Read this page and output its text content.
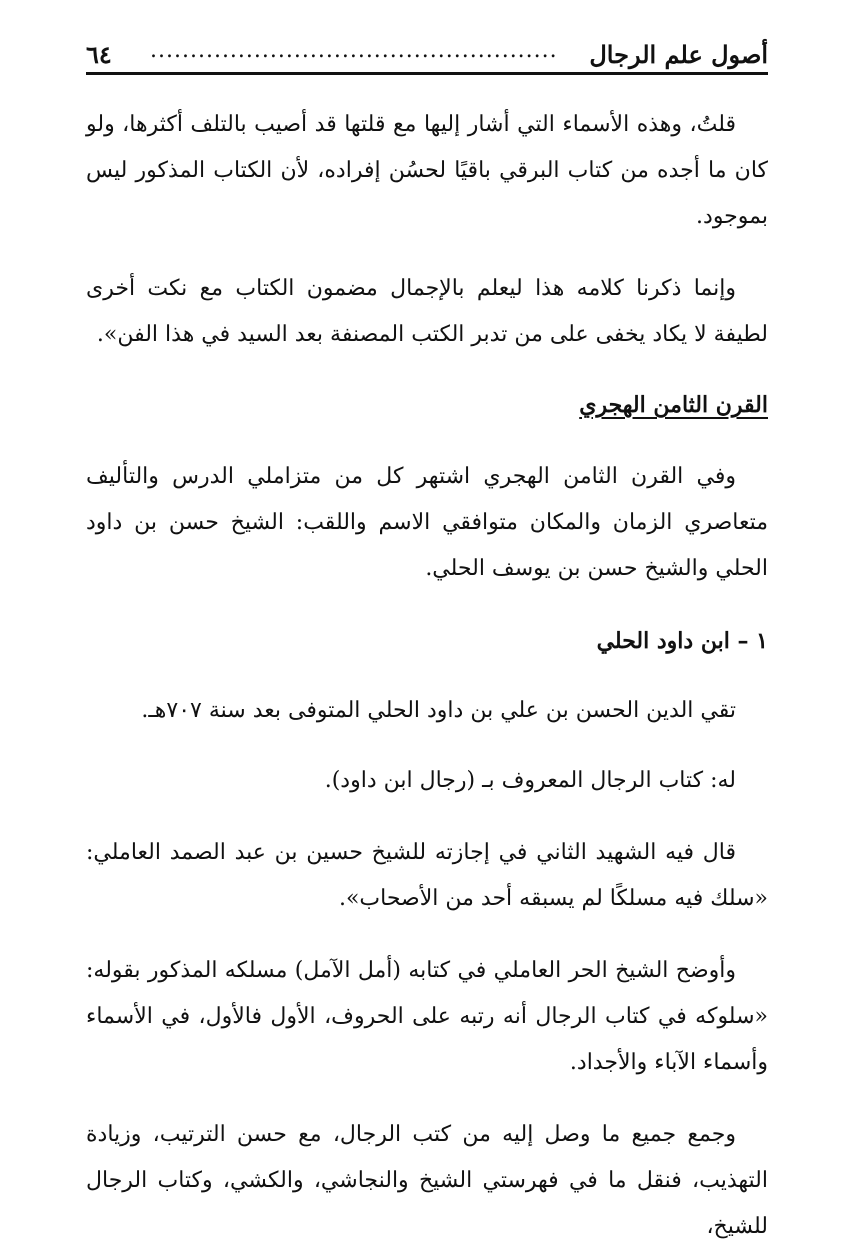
أصول علم الرجال
...................................................
٦٤

قلتُ، وهذه الأسماء التي أشار إليها مع قلتها قد أصيب بالتلف أكثرها، ولو كان ما أجده من كتاب البرقي باقيًا لحسُن إفراده، لأن الكتاب المذكور ليس بموجود.

وإنما ذكرنا كلامه هذا ليعلم بالإجمال مضمون الكتاب مع نكت أخرى لطيفة لا يكاد يخفى على من تدبر الكتب المصنفة بعد السيد في هذا الفن».

القرن الثامن الهجري

وفي القرن الثامن الهجري اشتهر كل من متزاملي الدرس والتأليف متعاصري الزمان والمكان متوافقي الاسم واللقب: الشيخ حسن بن داود الحلي والشيخ حسن بن يوسف الحلي.

١ – ابن داود الحلي

تقي الدين الحسن بن علي بن داود الحلي المتوفى بعد سنة ٧٠٧هـ.

له: كتاب الرجال المعروف بـ (رجال ابن داود).

قال فيه الشهيد الثاني في إجازته للشيخ حسين بن عبد الصمد العاملي: «سلك فيه مسلكًا لم يسبقه أحد من الأصحاب».

وأوضح الشيخ الحر العاملي في كتابه (أمل الآمل) مسلكه المذكور بقوله: «سلوكه في كتاب الرجال أنه رتبه على الحروف، الأول فالأول، في الأسماء وأسماء الآباء والأجداد.

وجمع جميع ما وصل إليه من كتب الرجال، مع حسن الترتيب، وزيادة التهذيب، فنقل ما في فهرستي الشيخ والنجاشي، والكشي، وكتاب الرجال للشيخ،
